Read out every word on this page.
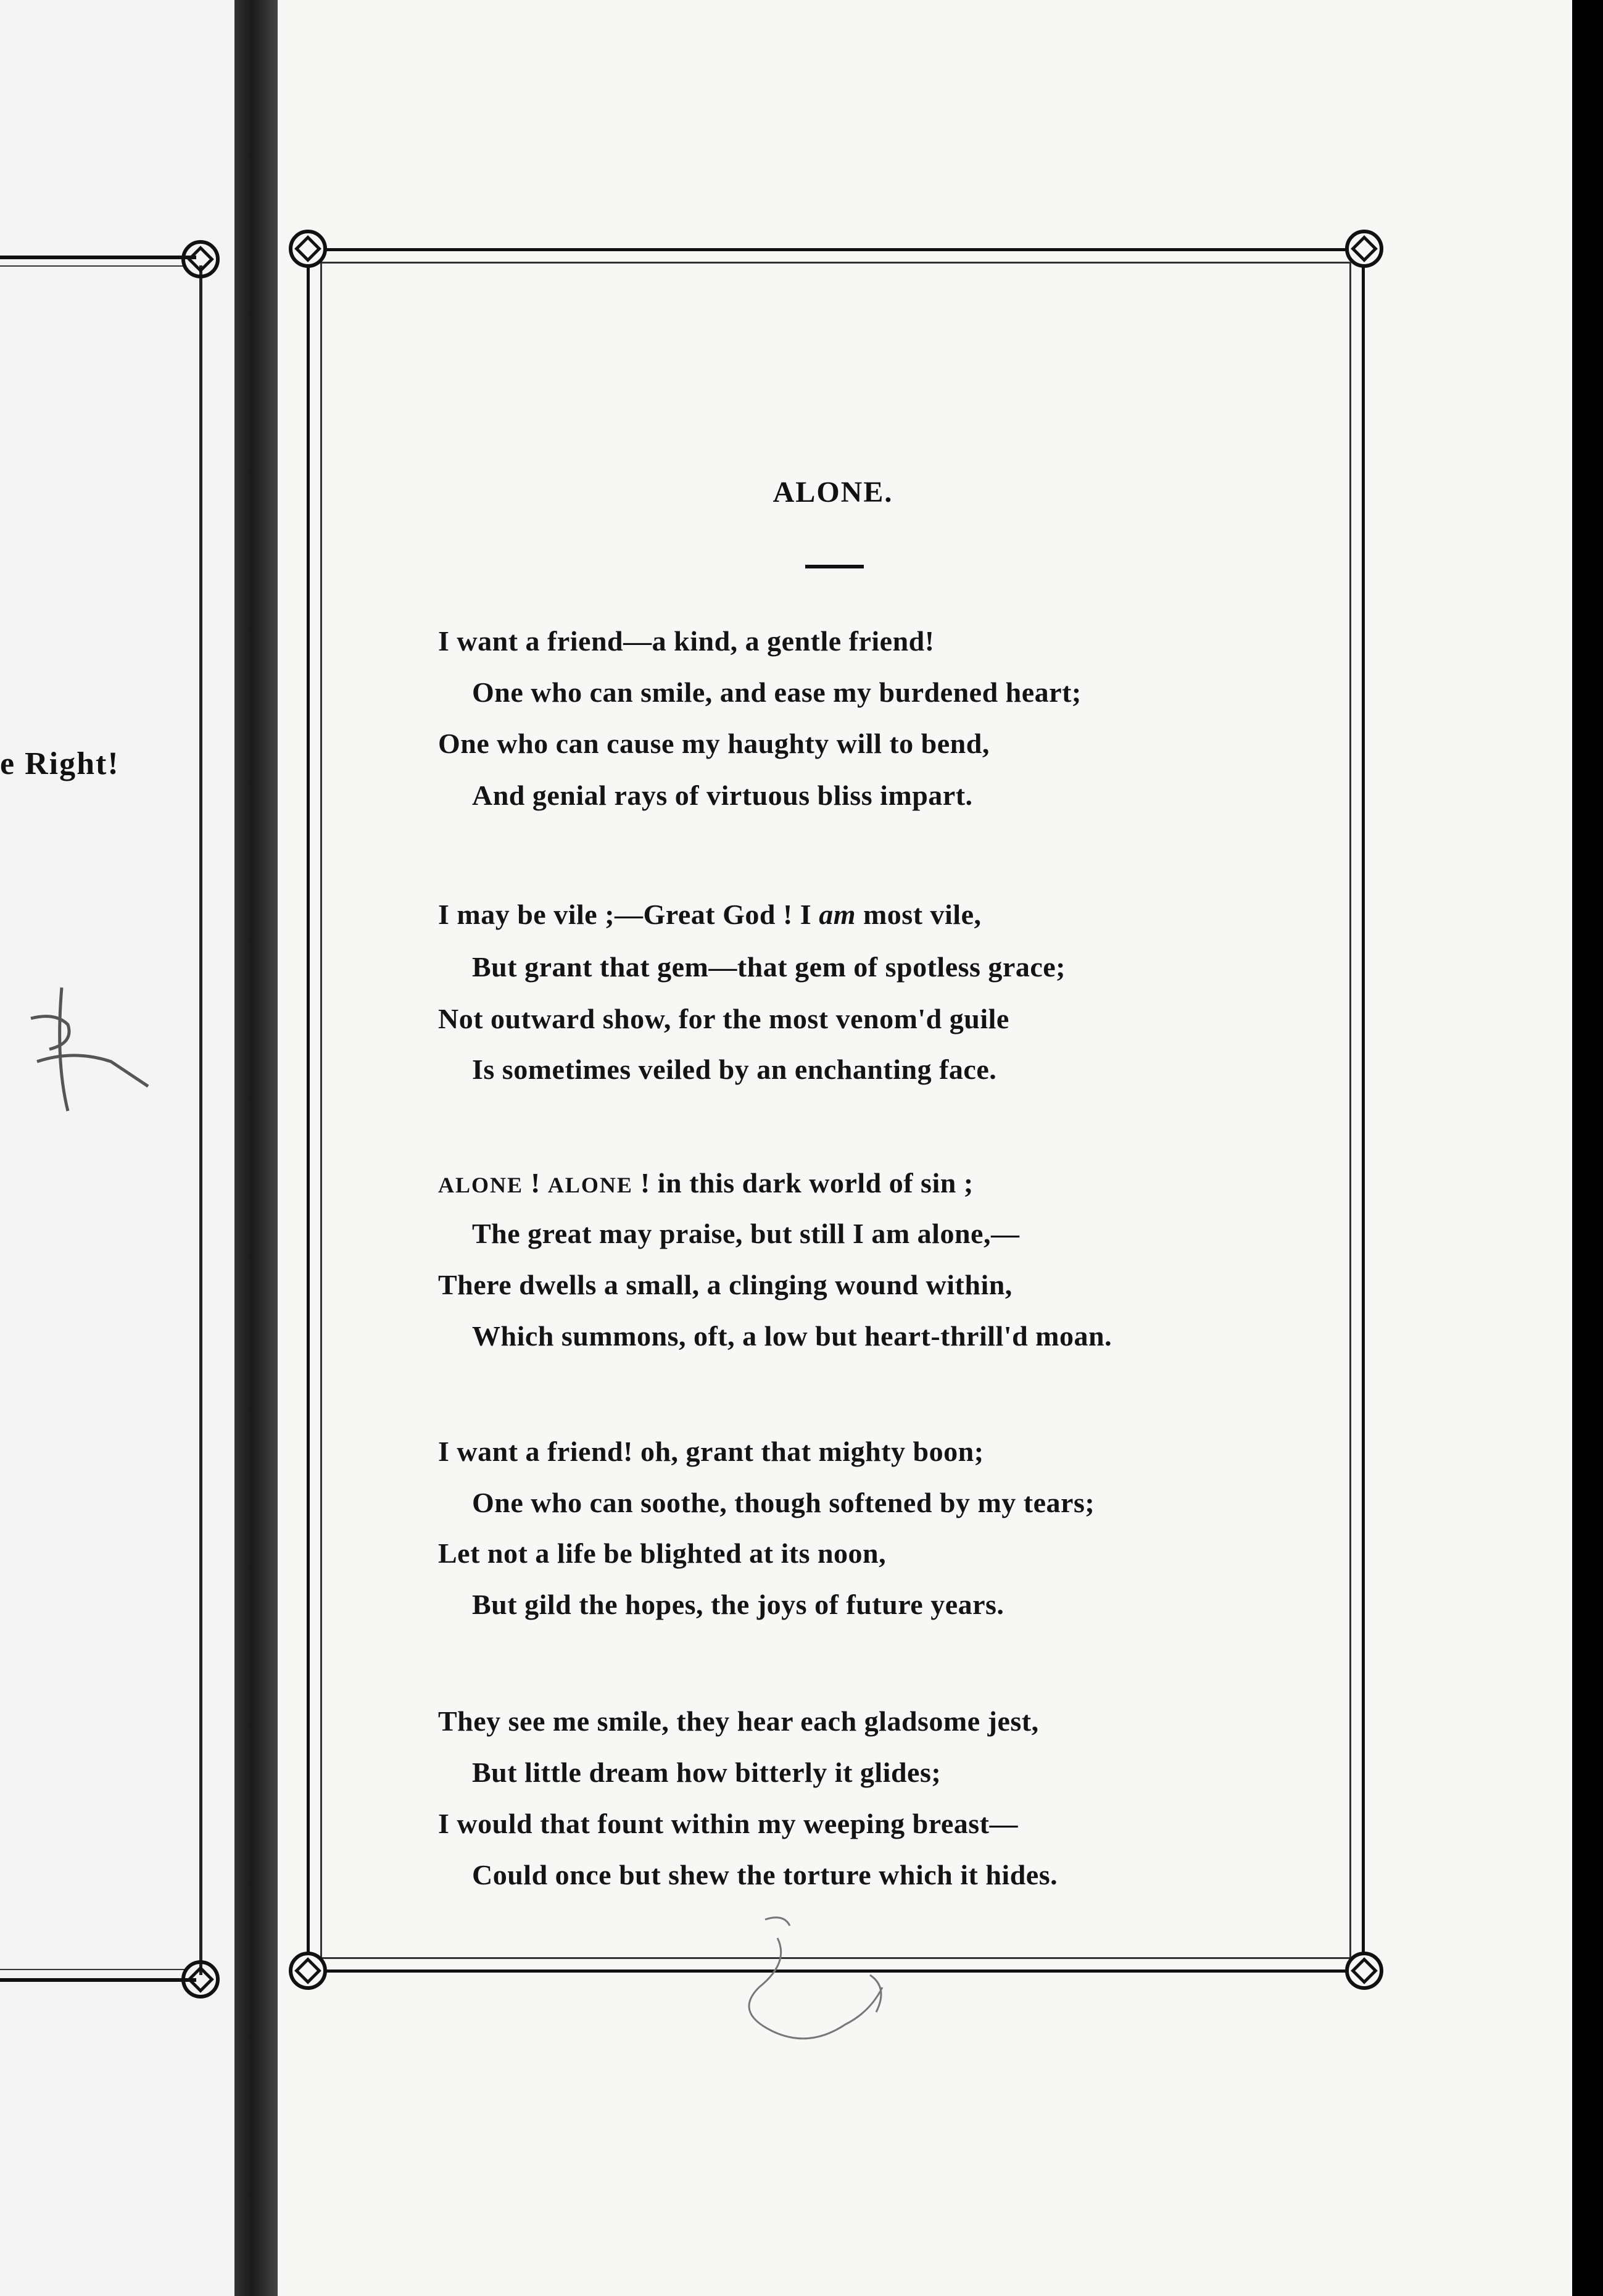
e Right!
ALONE.
I want a friend—a kind, a gentle friend!
One who can smile, and ease my burdened heart;
One who can cause my haughty will to bend,
And genial rays of virtuous bliss impart.
I may be vile ;—Great God ! I am most vile,
But grant that gem—that gem of spotless grace;
Not outward show, for the most venom'd guile
Is sometimes veiled by an enchanting face.
ALONE ! ALONE ! in this dark world of sin ;
The great may praise, but still I am alone,—
There dwells a small, a clinging wound within,
Which summons, oft, a low but heart-thrill'd moan.
I want a friend! oh, grant that mighty boon;
One who can soothe, though softened by my tears;
Let not a life be blighted at its noon,
But gild the hopes, the joys of future years.
They see me smile, they hear each gladsome jest,
But little dream how bitterly it glides;
I would that fount within my weeping breast—
Could once but shew the torture which it hides.
